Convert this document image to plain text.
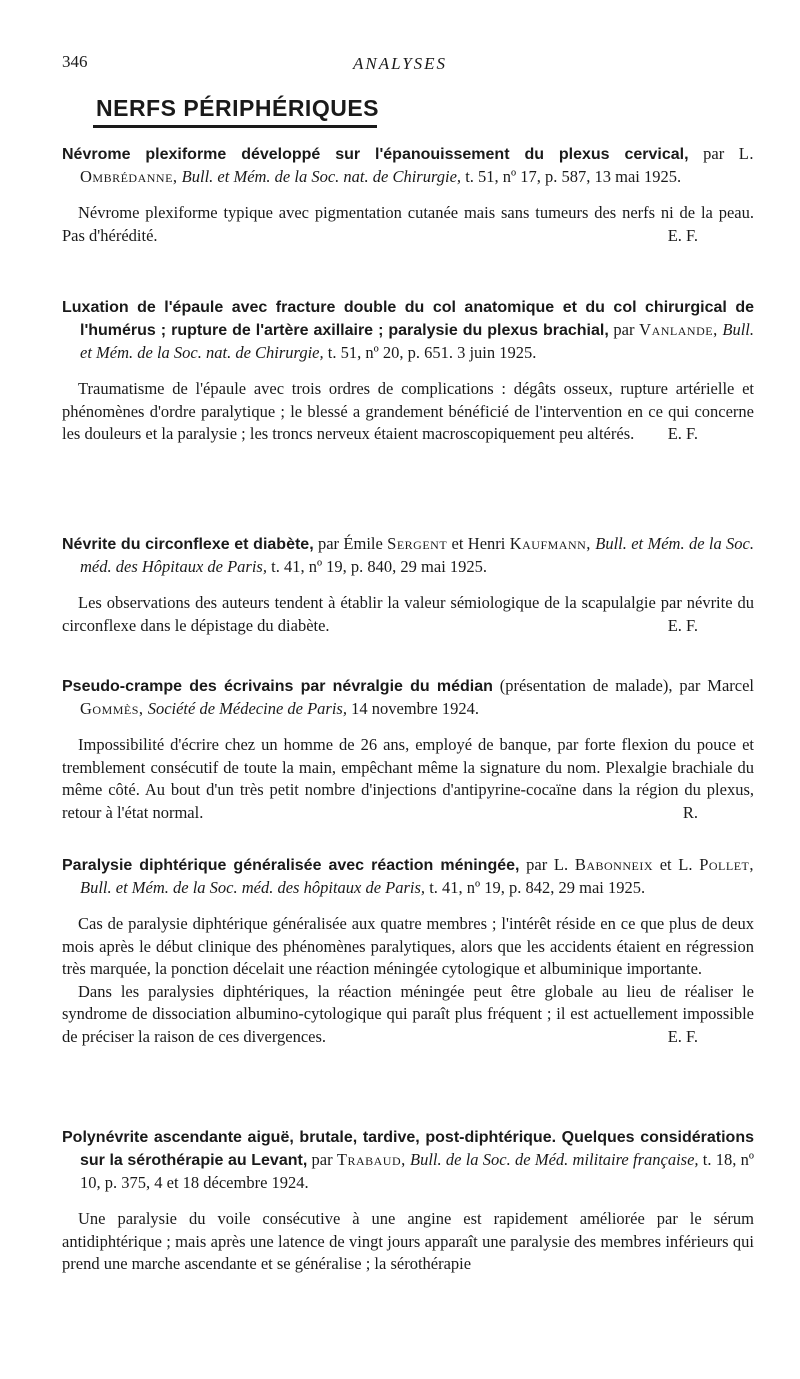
346	ANALYSES
NERFS PÉRIPHÉRIQUES

Névrome plexiforme développé sur l'épanouissement du plexus cervical, par L. Ombrédanne, Bull. et Mém. de la Soc. nat. de Chirurgie, t. 51, nº 17, p. 587, 13 mai 1925.

Névrome plexiforme typique avec pigmentation cutanée mais sans tumeurs des nerfs ni de la peau. Pas d'hérédité.	E. F.

Luxation de l'épaule avec fracture double du col anatomique et du col chirurgical de l'humérus ; rupture de l'artère axillaire ; paralysie du plexus brachial, par Vanlande, Bull. et Mém. de la Soc. nat. de Chirurgie, t. 51, nº 20, p. 651. 3 juin 1925.

Traumatisme de l'épaule avec trois ordres de complications : dégâts osseux, rupture artérielle et phénomènes d'ordre paralytique ; le blessé a grandement bénéficié de l'intervention en ce qui concerne les douleurs et la paralysie ; les troncs nerveux étaient macroscopiquement peu altérés.	E. F.

Névrite du circonflexe et diabète, par Émile Sergent et Henri Kaufmann, Bull. et Mém. de la Soc. méd. des Hôpitaux de Paris, t. 41, nº 19, p. 840, 29 mai 1925.

Les observations des auteurs tendent à établir la valeur sémiologique de la scapulalgie par névrite du circonflexe dans le dépistage du diabète.	E. F.

Pseudo-crampe des écrivains par névralgie du médian (présentation de malade), par Marcel Gommès, Société de Médecine de Paris, 14 novembre 1924.

Impossibilité d'écrire chez un homme de 26 ans, employé de banque, par forte flexion du pouce et tremblement consécutif de toute la main, empêchant même la signature du nom. Plexalgie brachiale du même côté. Au bout d'un très petit nombre d'injections d'antipyrine-cocaïne dans la région du plexus, retour à l'état normal.	R.

Paralysie diphtérique généralisée avec réaction méningée, par L. Babonneix et L. Pollet, Bull. et Mém. de la Soc. méd. des hôpitaux de Paris, t. 41, nº 19, p. 842, 29 mai 1925.

Cas de paralysie diphtérique généralisée aux quatre membres ; l'intérêt réside en ce que plus de deux mois après le début clinique des phénomènes paralytiques, alors que les accidents étaient en régression très marquée, la ponction décelait une réaction méningée cytologique et albuminique importante.

Dans les paralysies diphtériques, la réaction méningée peut être globale au lieu de réaliser le syndrome de dissociation albumino-cytologique qui paraît plus fréquent ; il est actuellement impossible de préciser la raison de ces divergences.	E. F.

Polynévrite ascendante aiguë, brutale, tardive, post-diphtérique. Quelques considérations sur la sérothérapie au Levant, par Trabaud, Bull. de la Soc. de Méd. militaire française, t. 18, nº 10, p. 375, 4 et 18 décembre 1924.

Une paralysie du voile consécutive à une angine est rapidement améliorée par le sérum antidiphtérique ; mais après une latence de vingt jours apparaît une paralysie des membres inférieurs qui prend une marche ascendante et se généralise ; la sérothérapie
